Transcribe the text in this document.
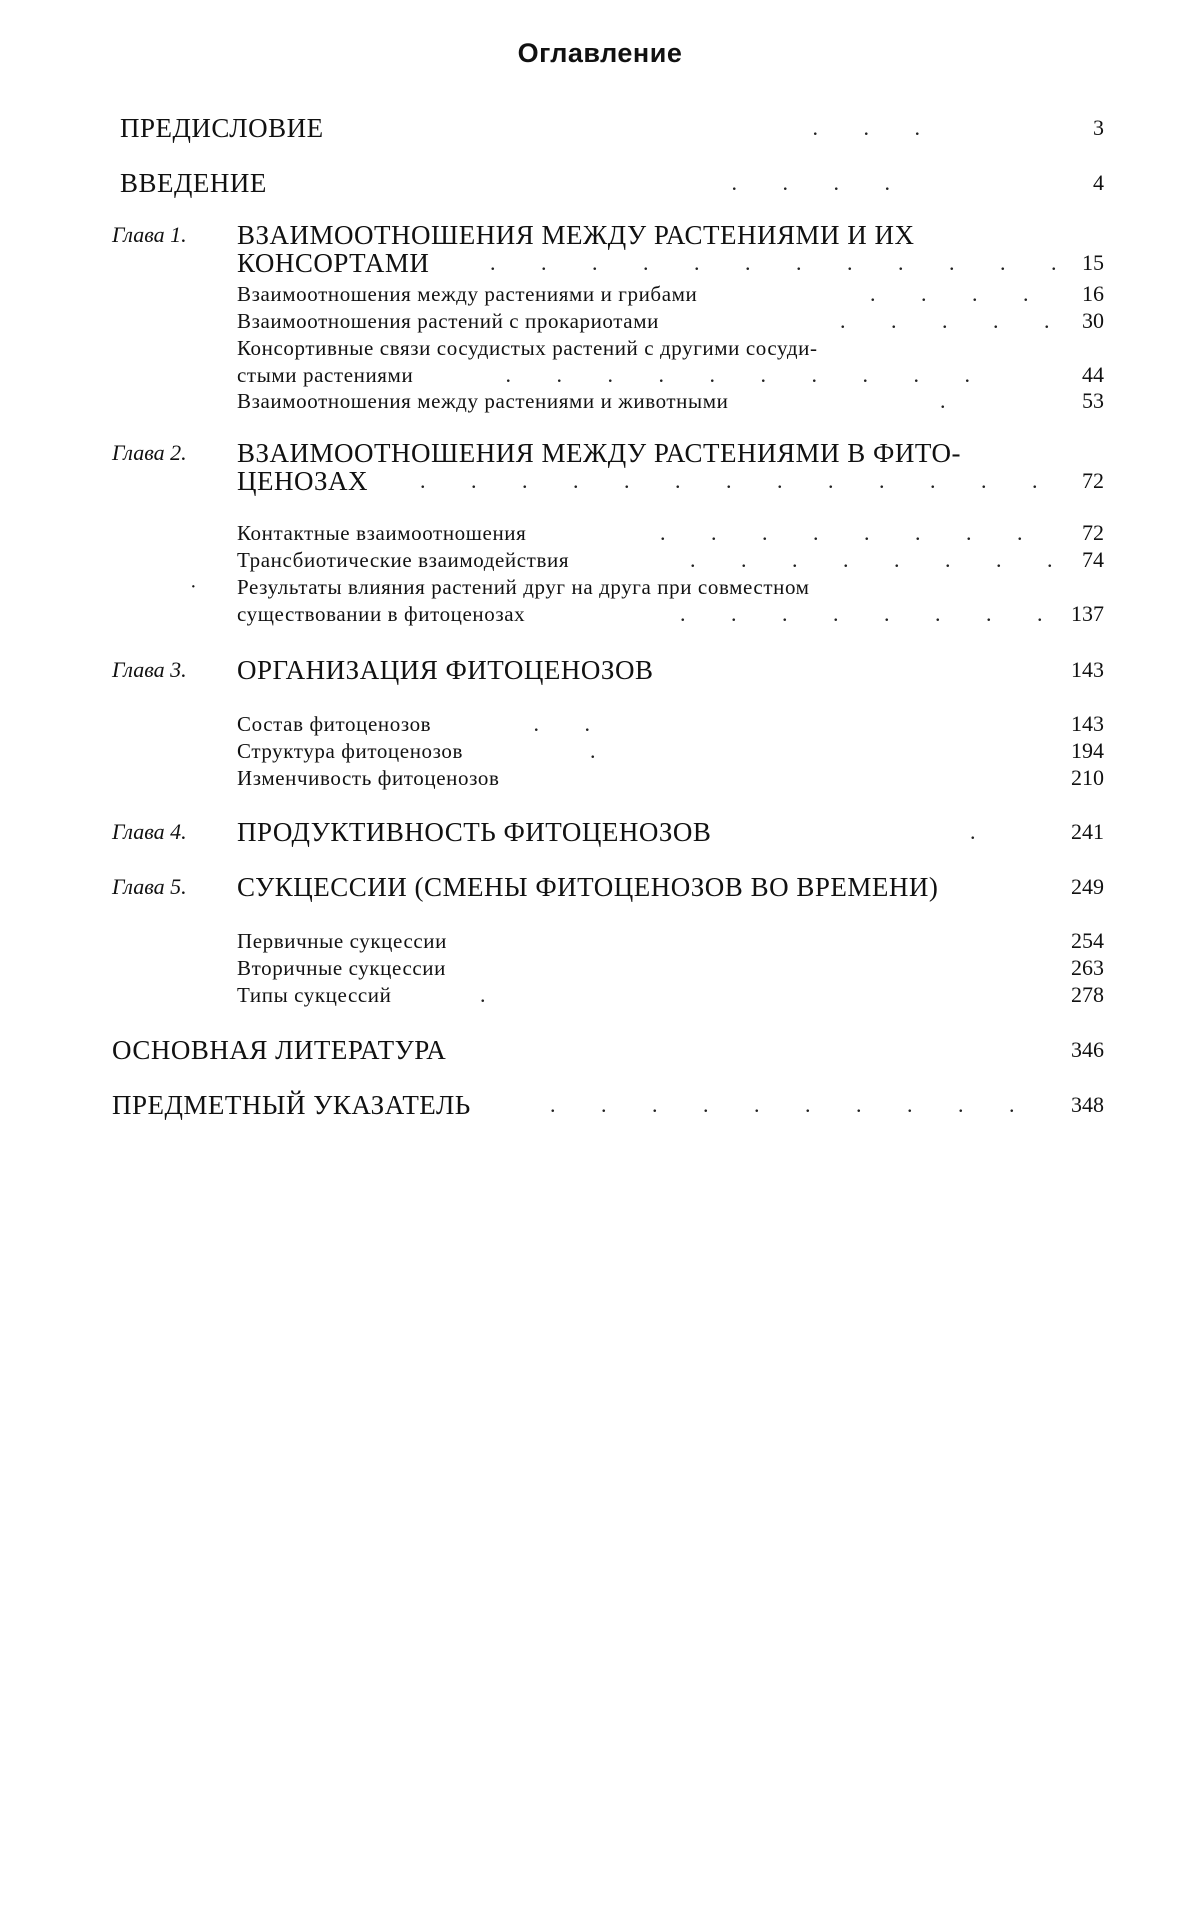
Оглавление
ПРЕДИСЛОВИЕ	. . .	3
ВВЕДЕНИЕ	. . . .	4
Глава 1.	ВЗАИМООТНОШЕНИЯ МЕЖДУ РАСТЕНИЯМИ И ИХ
КОНСОРТАМИ	. . . . . . . . . . . . 15
Взаимоотношения между растениями и грибами	. . . .	16
Взаимоотношения растений с прокариотами	. . . . . 30
Консортивные связи сосудистых растений с другими сосуди-
стыми растениями	. . . . . . . . . .	44
Взаимоотношения между растениями и животными	.	53
Глава 2.	ВЗАИМООТНОШЕНИЯ МЕЖДУ РАСТЕНИЯМИ В ФИТО-
ЦЕНОЗАХ . . . . . . . . . . . . .	72
Контактные взаимоотношения	. . . . . . . .	72
Трансбиотические взаимодействия	. . . . . . . . 74
Результаты влияния растений друг на друга при совместном
существовании в фитоценозах	. . . . . . . . 137
Глава 3.	ОРГАНИЗАЦИЯ ФИТОЦЕНОЗОВ	143
Состав фитоценозов	. .	143
Структура фитоценозов	.	194
Изменчивость фитоценозов	210
Глава 4.	ПРОДУКТИВНОСТЬ ФИТОЦЕНОЗОВ	.	241
Глава 5.	СУКЦЕССИИ (СМЕНЫ ФИТОЦЕНОЗОВ ВО ВРЕМЕНИ)	249
Первичные сукцессии	254
Вторичные сукцессии	263
Типы сукцессий	.	278
ОСНОВНАЯ ЛИТЕРАТУРА	346
ПРЕДМЕТНЫЙ УКАЗАТЕЛЬ	. . . . . . . . . .	348
·
